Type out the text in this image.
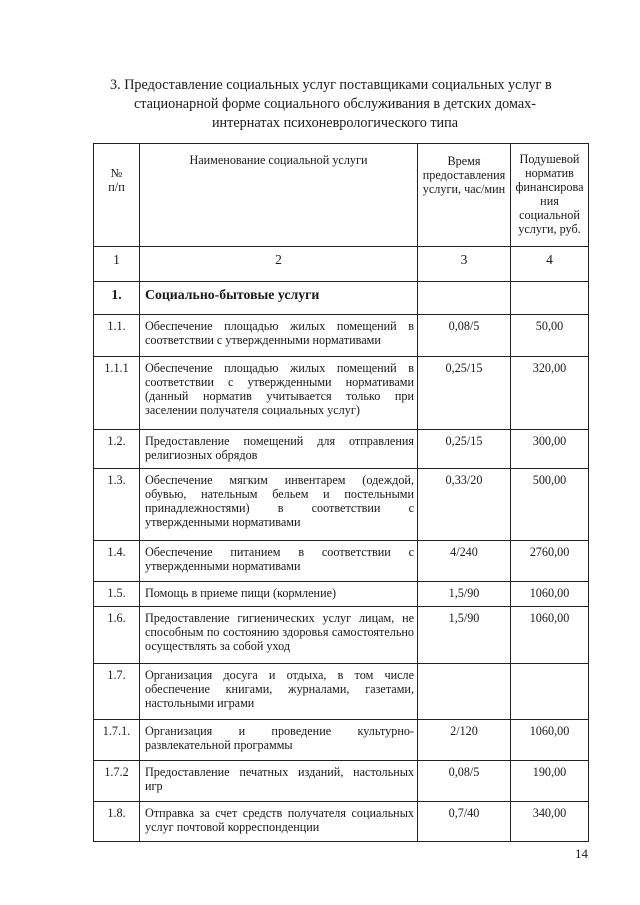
3. Предоставление социальных услуг поставщиками социальных услуг в
стационарной форме социального обслуживания в детских домах-
интернатах психоневрологического типа
№
п/п	Наименование социальной услуги	Время предоставления услуги, час/мин	Подушевой норматив финансирова ния социальной услуги, руб.
1	2	3	4
1.	Социально-бытовые услуги		
1.1.	Обеспечение площадью жилых помещений в соответствии с утвержденными нормативами	0,08/5	50,00
1.1.1	Обеспечение площадью жилых помещений в соответствии с утвержденными нормативами (данный норматив учитывается только при заселении получателя социальных услуг)	0,25/15	320,00
1.2.	Предоставление помещений для отправления религиозных обрядов	0,25/15	300,00
1.3.	Обеспечение мягким инвентарем (одеждой, обувью, нательным бельем и постельными принадлежностями) в соответствии с утвержденными нормативами	0,33/20	500,00
1.4.	Обеспечение питанием в соответствии с утвержденными нормативами	4/240	2760,00
1.5.	Помощь в приеме пищи (кормление)	1,5/90	1060,00
1.6.	Предоставление гигиенических услуг лицам, не способным по состоянию здоровья самостоятельно осуществлять за собой уход	1,5/90	1060,00
1.7.	Организация досуга и отдыха, в том числе обеспечение книгами, журналами, газетами, настольными играми		
1.7.1.	Организация и проведение культурно-развлекательной программы	2/120	1060,00
1.7.2	Предоставление печатных изданий, настольных игр	0,08/5	190,00
1.8.	Отправка за счет средств получателя социальных услуг почтовой корреспонденции	0,7/40	340,00
14
